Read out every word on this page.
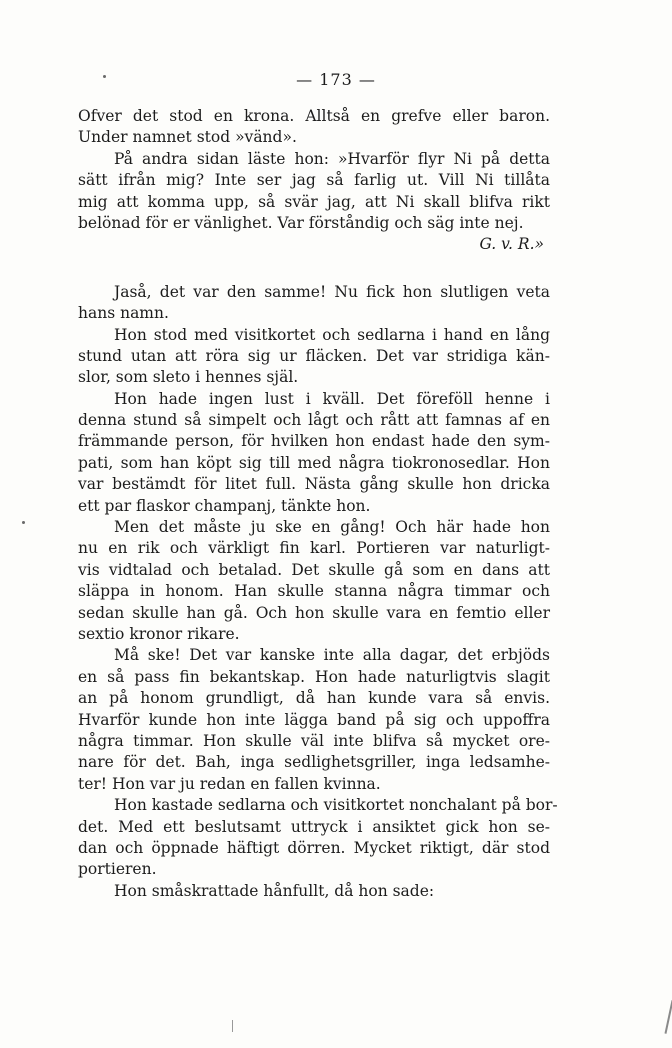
— 173 —
Ofver det stod en krona. Alltså en grefve eller baron.
Under namnet stod »vänd».
På andra sidan läste hon: »Hvarför flyr Ni på detta
sätt ifrån mig? Inte ser jag så farlig ut. Vill Ni tillåta
mig att komma upp, så svär jag, att Ni skall blifva rikt
belönad för er vänlighet. Var förståndig och säg inte nej.
G. v. R.»
Jaså, det var den samme! Nu fick hon slutligen veta
hans namn.
Hon stod med visitkortet och sedlarna i hand en lång
stund utan att röra sig ur fläcken. Det var stridiga kän-
slor, som sleto i hennes själ.
Hon hade ingen lust i kväll. Det föreföll henne i
denna stund så simpelt och lågt och rått att famnas af en
främmande person, för hvilken hon endast hade den sym-
pati, som han köpt sig till med några tiokronosedlar. Hon
var bestämdt för litet full. Nästa gång skulle hon dricka
ett par flaskor champanj, tänkte hon.
Men det måste ju ske en gång! Och här hade hon
nu en rik och värkligt fin karl. Portieren var naturligt-
vis vidtalad och betalad. Det skulle gå som en dans att
släppa in honom. Han skulle stanna några timmar och
sedan skulle han gå. Och hon skulle vara en femtio eller
sextio kronor rikare.
Må ske! Det var kanske inte alla dagar, det erbjöds
en så pass fin bekantskap. Hon hade naturligtvis slagit
an på honom grundligt, då han kunde vara så envis.
Hvarför kunde hon inte lägga band på sig och uppoffra
några timmar. Hon skulle väl inte blifva så mycket ore-
nare för det. Bah, inga sedlighetsgriller, inga ledsamhe-
ter! Hon var ju redan en fallen kvinna.
Hon kastade sedlarna och visitkortet nonchalant på bor-
det. Med ett beslutsamt uttryck i ansiktet gick hon se-
dan och öppnade häftigt dörren. Mycket riktigt, där stod
portieren.
Hon småskrattade hånfullt, då hon sade:
